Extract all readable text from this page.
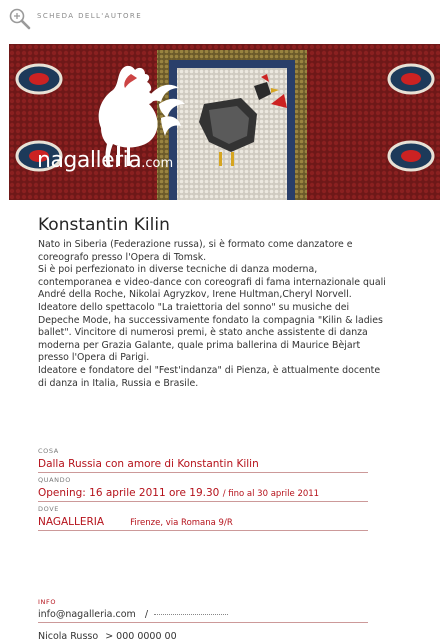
SCHEDA DELL'AUTORE
nagalleria.com
Konstantin Kilin

Nato in Siberia (Federazione russa), si è formato come danzatore e coreografo presso l'Opera di Tomsk.

Si è poi perfezionato in diverse tecniche di danza moderna, contemporanea e video-dance con coreografi di fama internazionale quali André della Roche, Nikolai Agryzkov, Irene Hultman,Cheryl Norvell.

Ideatore dello spettacolo "La traiettoria del sonno" su musiche dei Depeche Mode, ha successivamente fondato la compagnia "Kilin & ladies ballet". Vincitore di numerosi premi, è stato anche assistente di danza moderna per Grazia Galante, quale prima ballerina di Maurice Bèjart presso l'Opera di Parigi.

Ideatore e fondatore del "Fest'indanza" di Pienza, è attualmente docente di danza in Italia, Russia e Brasile.

COSA
Dalla Russia con amore di Konstantin Kilin
QUANDO
Opening: 16 aprile 2011 ore 19.30 / fino al 30 aprile 2011
DOVE
NAGALLERIA	Firenze, via Romana 9/R
INFO
info@nagalleria.com /
Nicola Russo > 000 0000 00
